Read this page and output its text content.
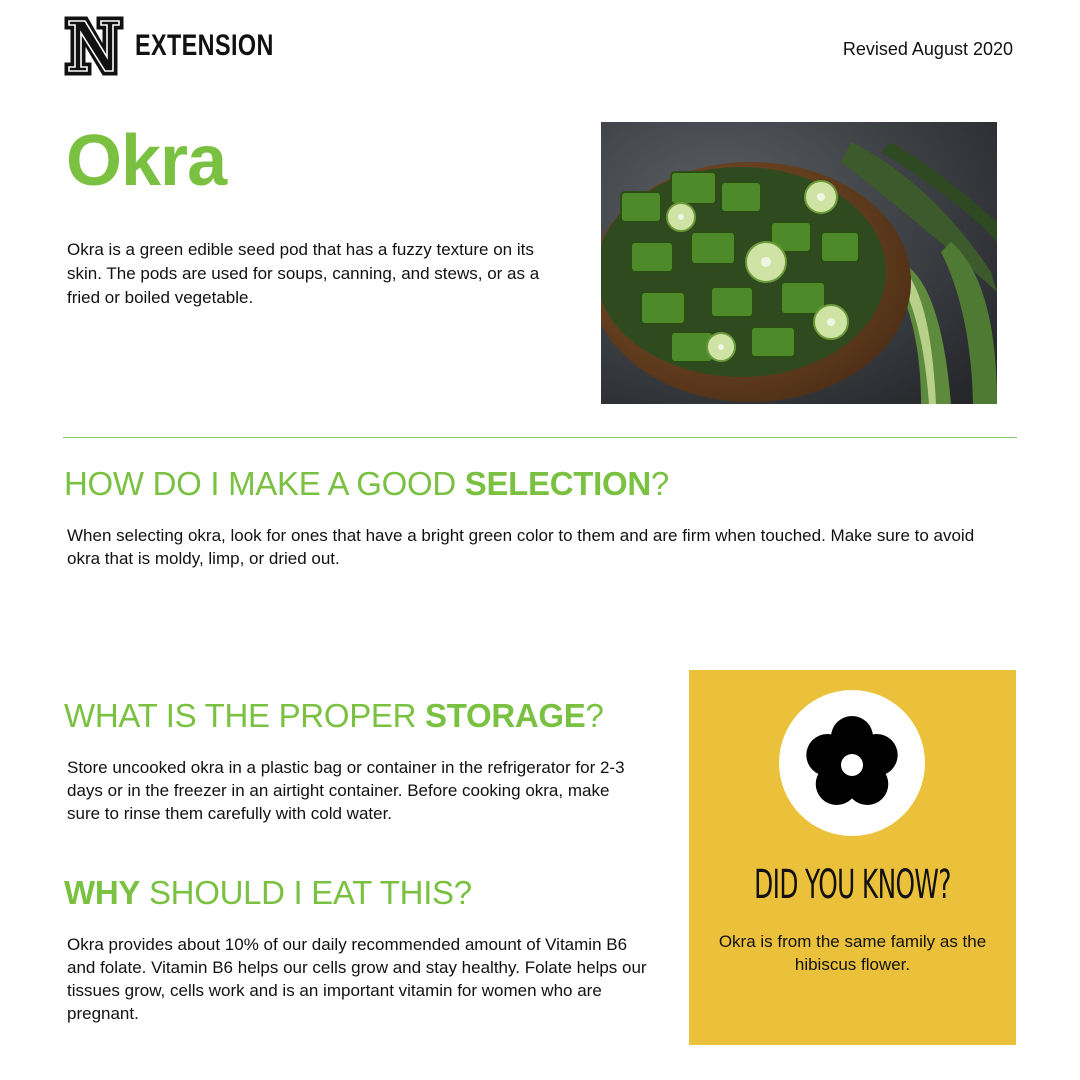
EXTENSION	Revised August 2020
Okra

Okra is a green edible seed pod that has a fuzzy texture on its skin. The pods are used for soups, canning, and stews, or as a fried or boiled vegetable.

HOW DO I MAKE A GOOD SELECTION?

When selecting okra, look for ones that have a bright green color to them and are firm when touched. Make sure to avoid okra that is moldy, limp, or dried out.

WHAT IS THE PROPER STORAGE?

Store uncooked okra in a plastic bag or container in the refrigerator for 2-3 days or in the freezer in an airtight container. Before cooking okra, make sure to rinse them carefully with cold water.

WHY SHOULD I EAT THIS?

Okra provides about 10% of our daily recommended amount of Vitamin B6 and folate. Vitamin B6 helps our cells grow and stay healthy. Folate helps our tissues grow, cells work and is an important vitamin for women who are pregnant.

DID YOU KNOW?

Okra is from the same family as the hibiscus flower.
